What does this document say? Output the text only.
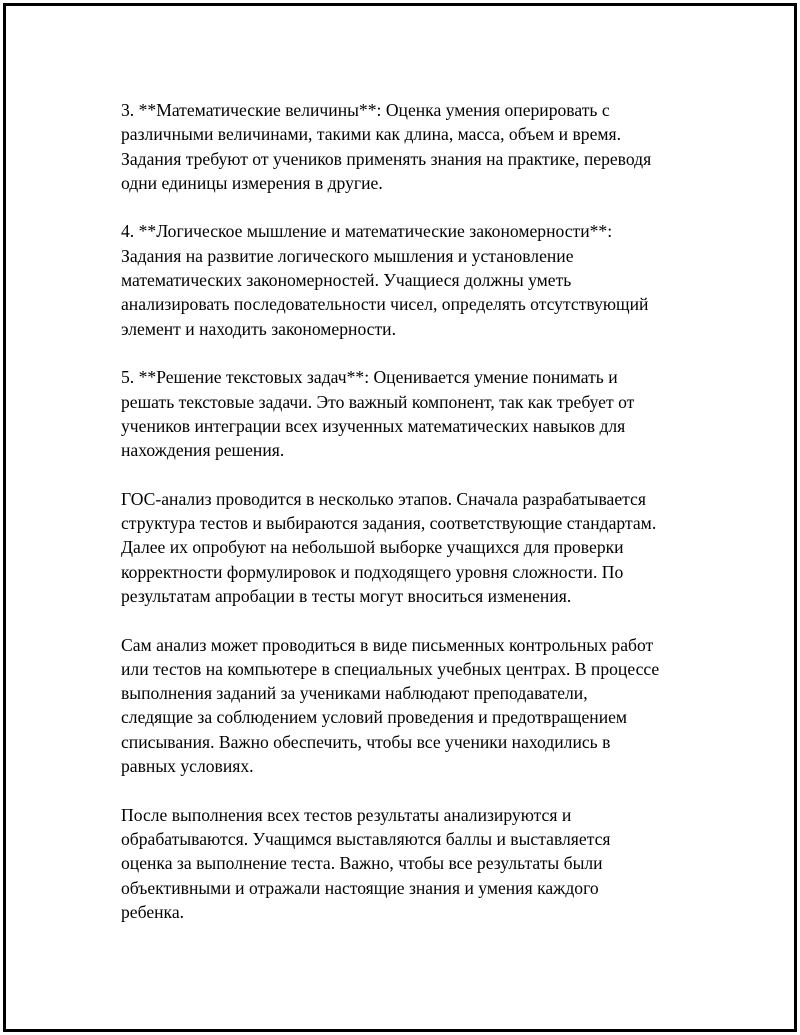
3. **Математические величины**: Оценка умения оперировать с
различными величинами, такими как длина, масса, объем и время.
Задания требуют от учеников применять знания на практике, переводя
одни единицы измерения в другие.

4. **Логическое мышление и математические закономерности**:
Задания на развитие логического мышления и установление
математических закономерностей. Учащиеся должны уметь
анализировать последовательности чисел, определять отсутствующий
элемент и находить закономерности.

5. **Решение текстовых задач**: Оценивается умение понимать и
решать текстовые задачи. Это важный компонент, так как требует от
учеников интеграции всех изученных математических навыков для
нахождения решения.

ГОС-анализ проводится в несколько этапов. Сначала разрабатывается
структура тестов и выбираются задания, соответствующие стандартам.
Далее их опробуют на небольшой выборке учащихся для проверки
корректности формулировок и подходящего уровня сложности. По
результатам апробации в тесты могут вноситься изменения.

Сам анализ может проводиться в виде письменных контрольных работ
или тестов на компьютере в специальных учебных центрах. В процессе
выполнения заданий за учениками наблюдают преподаватели,
следящие за соблюдением условий проведения и предотвращением
списывания. Важно обеспечить, чтобы все ученики находились в
равных условиях.

После выполнения всех тестов результаты анализируются и
обрабатываются. Учащимся выставляются баллы и выставляется
оценка за выполнение теста. Важно, чтобы все результаты были
объективными и отражали настоящие знания и умения каждого
ребенка.
